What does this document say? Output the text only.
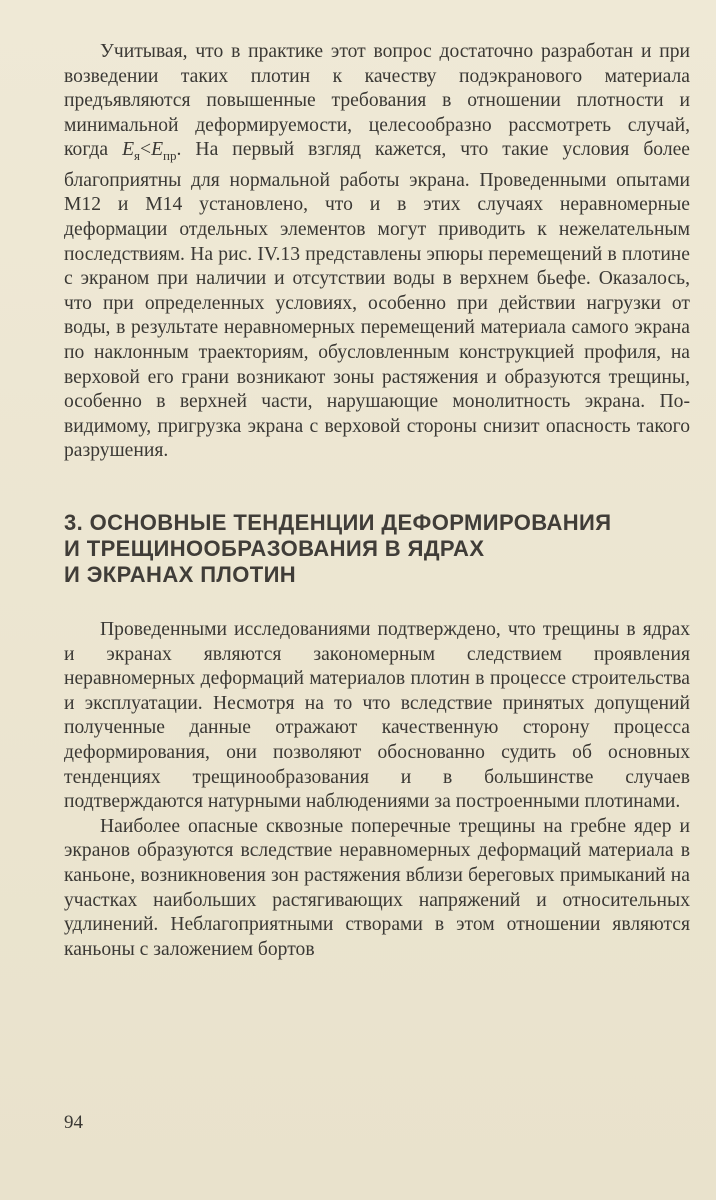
Учитывая, что в практике этот вопрос достаточно разработан и при возведении таких плотин к качеству подэкранового материала предъявляются повышенные требования в отношении плотности и минимальной деформируемости, целесообразно рассмотреть случай, когда $E_я<E_{пр}$. На первый взгляд кажется, что такие условия более благоприятны для нормальной работы экрана. Проведенными опытами М12 и М14 установлено, что и в этих случаях неравномерные деформации отдельных элементов могут приводить к нежелательным последствиям. На рис. IV.13 представлены эпюры перемещений в плотине с экраном при наличии и отсутствии воды в верхнем бьефе. Оказалось, что при определенных условиях, особенно при действии нагрузки от воды, в результате неравномерных перемещений материала самого экрана по наклонным траекториям, обусловленным конструкцией профиля, на верховой его грани возникают зоны растяжения и образуются трещины, особенно в верхней части, нарушающие монолитность экрана. По-видимому, пригрузка экрана с верховой стороны снизит опасность такого разрушения.

3. ОСНОВНЫЕ ТЕНДЕНЦИИ ДЕФОРМИРОВАНИЯ
И ТРЕЩИНООБРАЗОВАНИЯ В ЯДРАХ
И ЭКРАНАХ ПЛОТИН

Проведенными исследованиями подтверждено, что трещины в ядрах и экранах являются закономерным следствием проявления неравномерных деформаций материалов плотин в процессе строительства и эксплуатации. Несмотря на то что вследствие принятых допущений полученные данные отражают качественную сторону процесса деформирования, они позволяют обоснованно судить об основных тенденциях трещинообразования и в большинстве случаев подтверждаются натурными наблюдениями за построенными плотинами.

Наиболее опасные сквозные поперечные трещины на гребне ядер и экранов образуются вследствие неравномерных деформаций материала в каньоне, возникновения зон растяжения вблизи береговых примыканий на участках наибольших растягивающих напряжений и относительных удлинений. Неблагоприятными створами в этом отношении являются каньоны с заложением бортов

94
